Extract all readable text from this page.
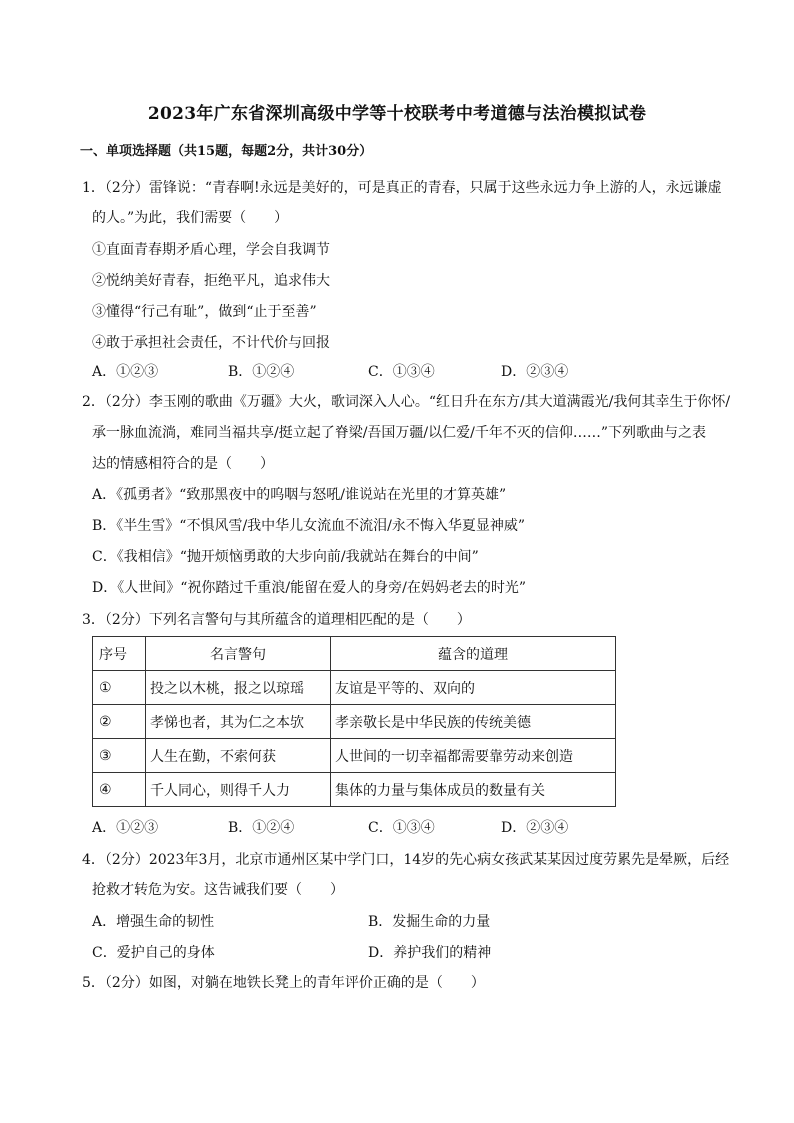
2023年广东省深圳高级中学等十校联考中考道德与法治模拟试卷
一、单项选择题（共15题，每题2分，共计30分）
1．（2分）雷锋说：“青春啊!永远是美好的，可是真正的青春，只属于这些永远力争上游的人，永远谦虚
的人。”为此，我们需要（　　）
①直面青春期矛盾心理，学会自我调节
②悦纳美好青春，拒绝平凡，追求伟大
③懂得“行己有耻”，做到“止于至善”
④敢于承担社会责任，不计代价与回报
A．①②③	B．①②④	C．①③④	D．②③④
2．（2分）李玉刚的歌曲《万疆》大火，歌词深入人心。“红日升在东方/其大道满霞光/我何其幸生于你怀/
承一脉血流淌，难同当福共享/挺立起了脊梁/吾国万疆/以仁爱/千年不灭的信仰……”下列歌曲与之表
达的情感相符合的是（　　）
A．《孤勇者》“致那黑夜中的呜咽与怒吼/谁说站在光里的才算英雄”
B．《半生雪》“不惧风雪/我中华儿女流血不流泪/永不悔入华夏显神威”
C．《我相信》“抛开烦恼勇敢的大步向前/我就站在舞台的中间”
D．《人世间》“祝你踏过千重浪/能留在爱人的身旁/在妈妈老去的时光”
3．（2分）下列名言警句与其所蕴含的道理相匹配的是（　　）
序号	名言警句	蕴含的道理
①	投之以木桃，报之以琼瑶	友谊是平等的、双向的
②	孝悌也者，其为仁之本欤	孝亲敬长是中华民族的传统美德
③	人生在勤，不索何获	人世间的一切幸福都需要靠劳动来创造
④	千人同心，则得千人力	集体的力量与集体成员的数量有关
A．①②③	B．①②④	C．①③④	D．②③④
4．（2分）2023年3月，北京市通州区某中学门口，14岁的先心病女孩武某某因过度劳累先是晕厥，后经
抢救才转危为安。这告诫我们要（　　）
A．增强生命的韧性	B．发掘生命的力量
C．爱护自己的身体	D．养护我们的精神
5．（2分）如图，对躺在地铁长凳上的青年评价正确的是（　　）
